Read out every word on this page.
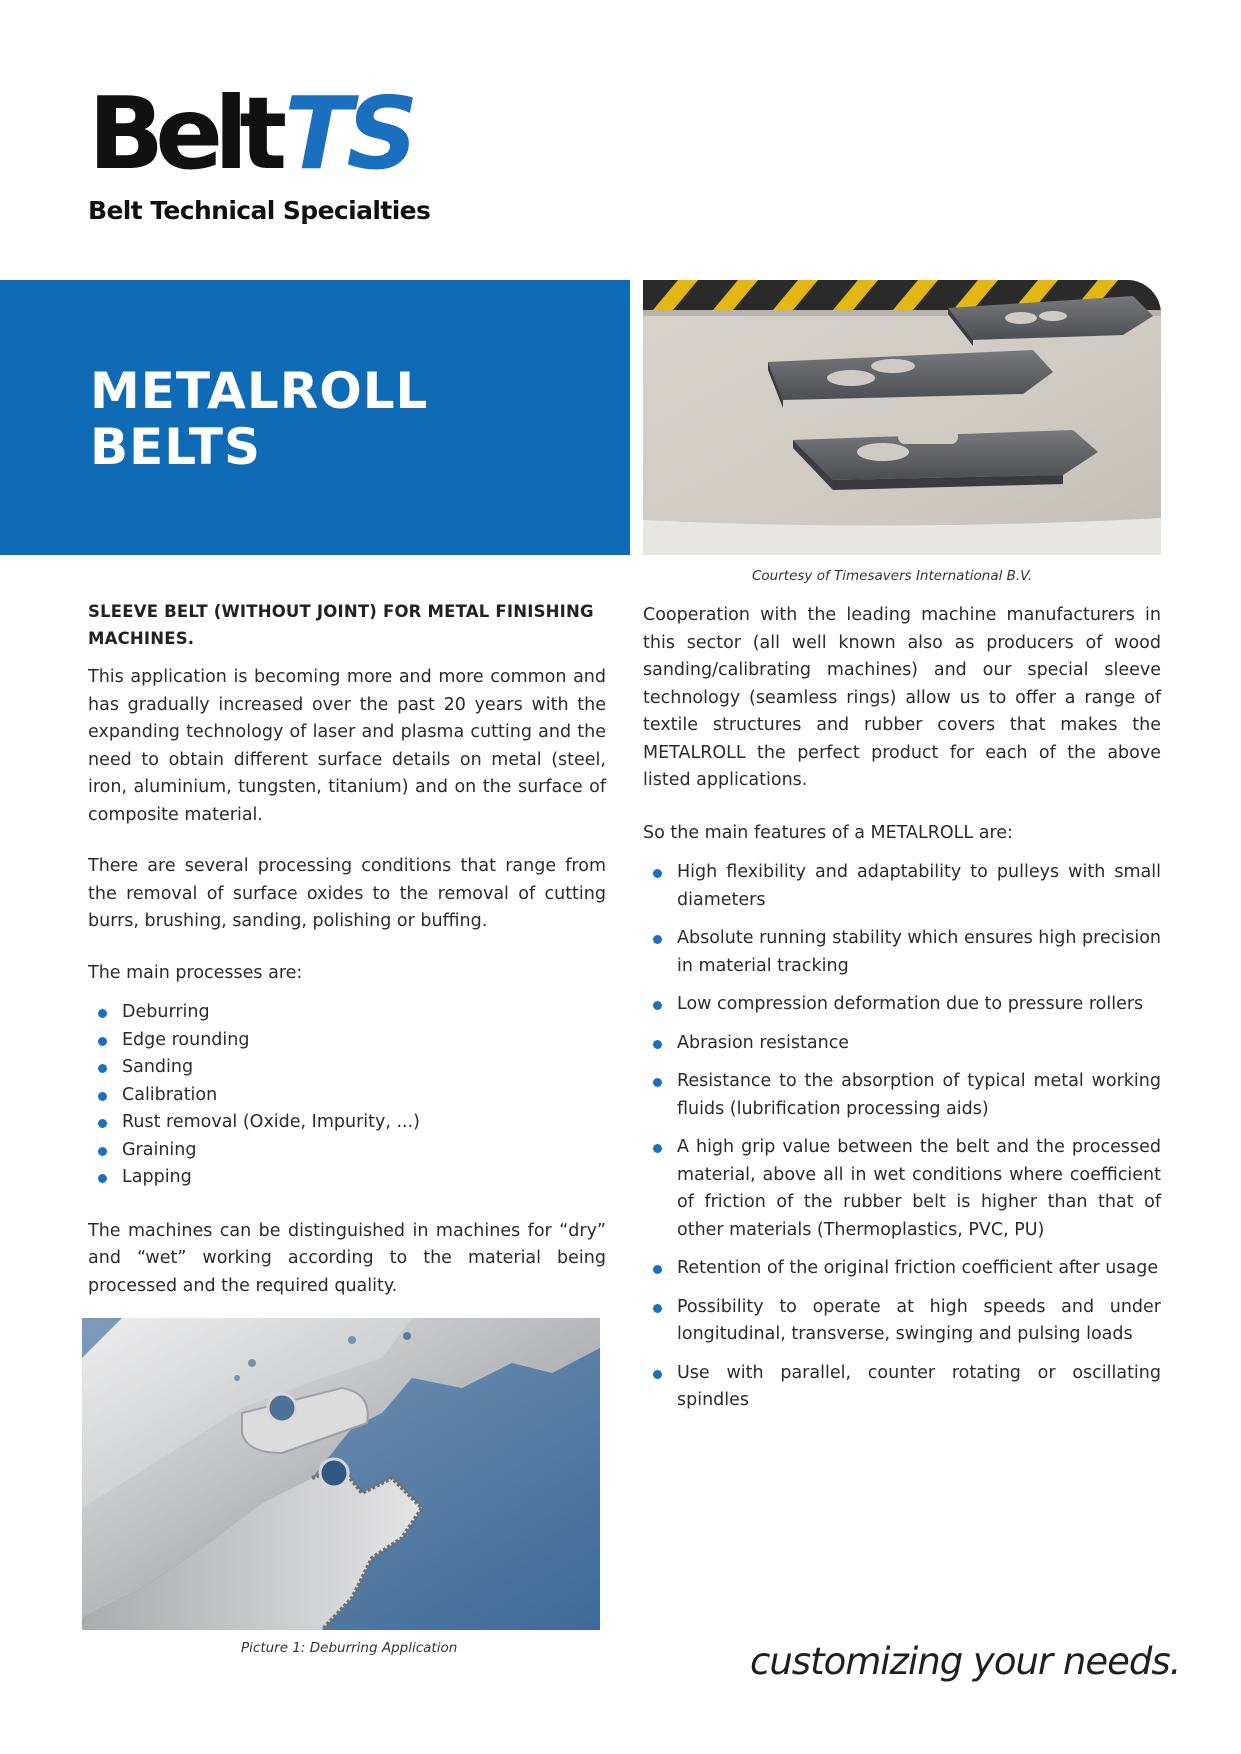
BeltTS
Belt Technical Specialties
METALROLL
BELTS
Courtesy of Timesavers International B.V.
SLEEVE BELT (WITHOUT JOINT) FOR METAL FINISHING MACHINES.

This application is becoming more and more common and has gradually increased over the past 20 years with the expanding technology of laser and plasma cutting and the need to obtain different surface details on metal (steel, iron, aluminium, tungsten, titanium) and on the surface of composite material.

There are several processing conditions that range from the removal of surface oxides to the removal of cutting burrs, brushing, sanding, polishing or buffing.

The main processes are:

Deburring
Edge rounding
Sanding
Calibration
Rust removal (Oxide, Impurity, ...)
Graining
Lapping

The machines can be distinguished in machines for “dry” and “wet” working according to the material being processed and the required quality.

Picture 1: Deburring Application

Cooperation with the leading machine manufacturers in this sector (all well known also as producers of wood sanding/calibrating machines) and our special sleeve technology (seamless rings) allow us to offer a range of textile structures and rubber covers that makes the METALROLL the perfect product for each of the above listed applications.

So the main features of a METALROLL are:

High flexibility and adaptability to pulleys with small diameters
Absolute running stability which ensures high precision in material tracking
Low compression deformation due to pressure rollers
Abrasion resistance
Resistance to the absorption of typical metal working fluids (lubrification processing aids)
A high grip value between the belt and the processed material, above all in wet conditions where coefficient of friction of the rubber belt is higher than that of other materials (Thermoplastics, PVC, PU)
Retention of the original friction coefficient after usage
Possibility to operate at high speeds and under longitudinal, transverse, swinging and pulsing loads
Use with parallel, counter rotating or oscillating spindles
customizing your needs.
